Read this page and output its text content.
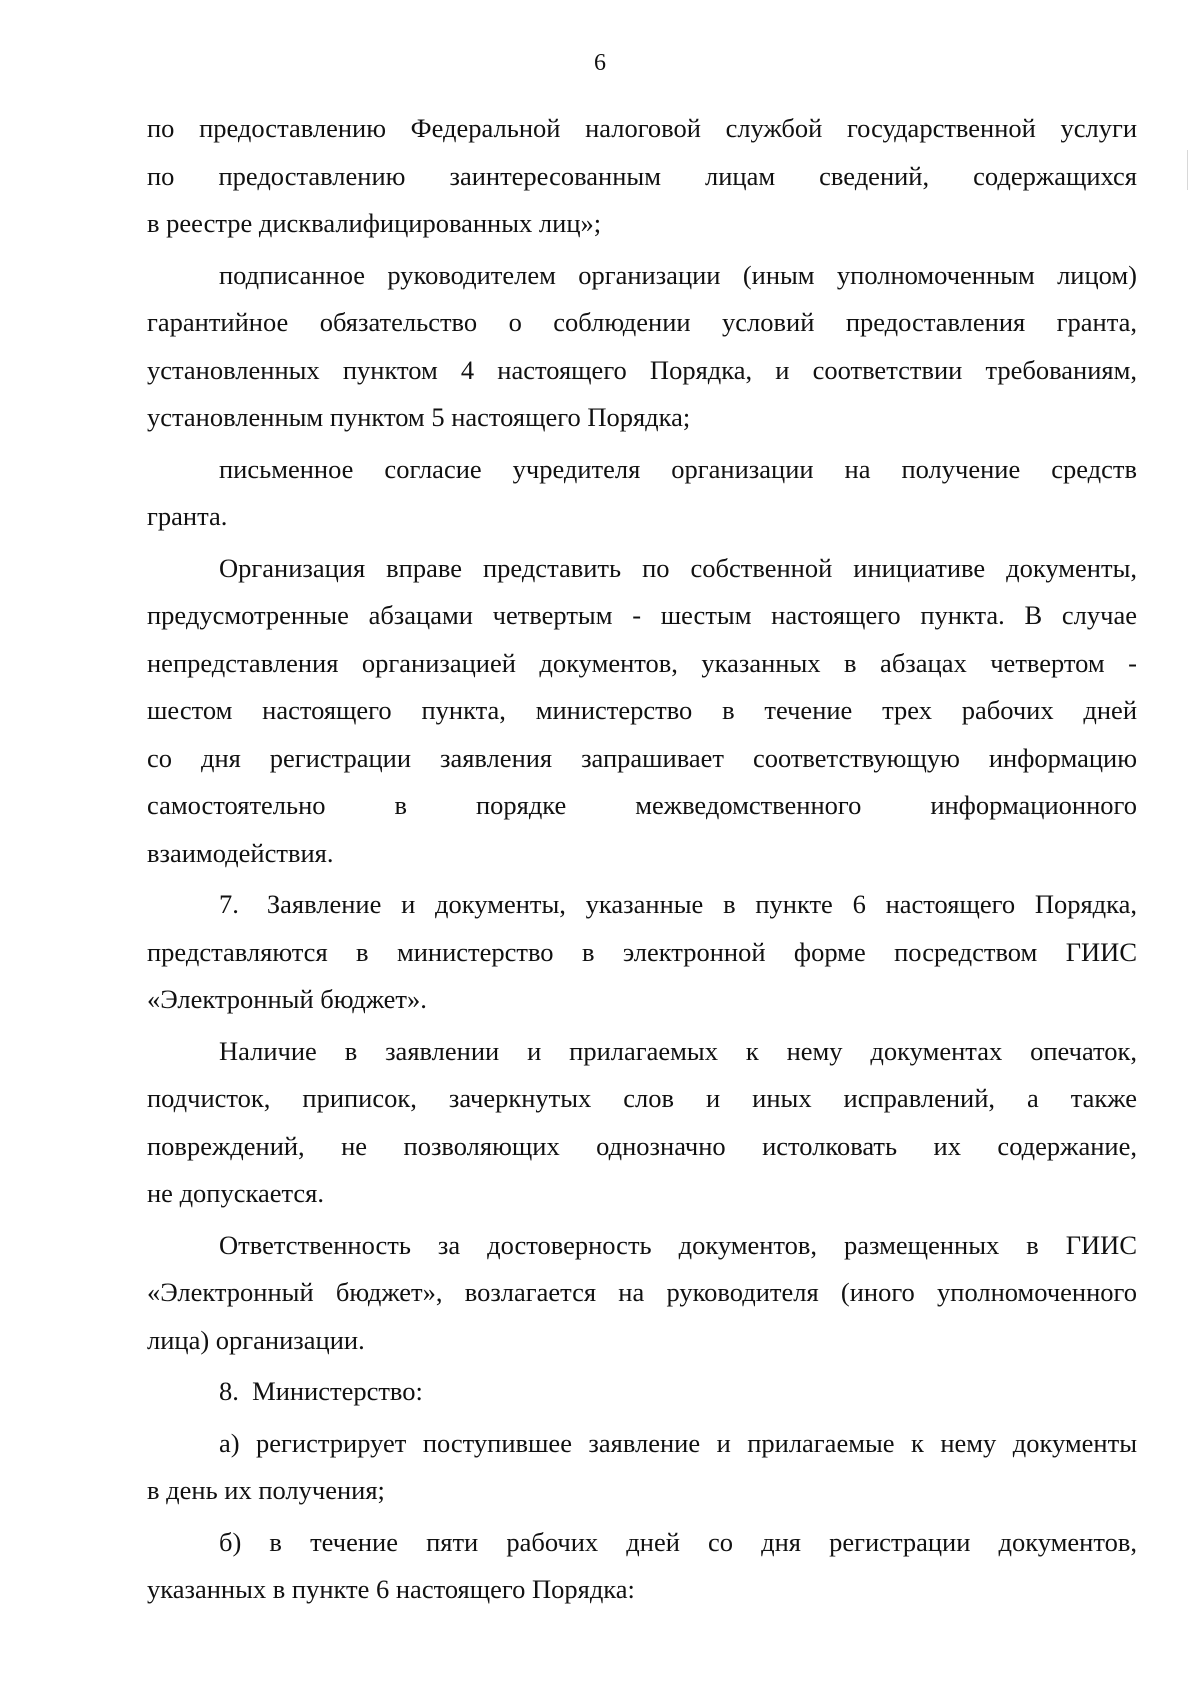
6

по предоставлению Федеральной налоговой службой государственной услуги
по предоставлению заинтересованным лицам сведений, содержащихся
в реестре дисквалифицированных лиц»;

подписанное руководителем организации (иным уполномоченным лицом)
гарантийное обязательство о соблюдении условий предоставления гранта,
установленных пунктом 4 настоящего Порядка, и соответствии требованиям,
установленным пунктом 5 настоящего Порядка;

письменное согласие учредителя организации на получение средств
гранта.

Организация вправе представить по собственной инициативе документы,
предусмотренные абзацами четвертым - шестым настоящего пункта. В случае
непредставления организацией документов, указанных в абзацах четвертом -
шестом настоящего пункта, министерство в течение трех рабочих дней
со дня регистрации заявления запрашивает соответствующую информацию
самостоятельно в порядке межведомственного информационного
взаимодействия.

7. Заявление и документы, указанные в пункте 6 настоящего Порядка,
представляются в министерство в электронной форме посредством ГИИС
«Электронный бюджет».

Наличие в заявлении и прилагаемых к нему документах опечаток,
подчисток, приписок, зачеркнутых слов и иных исправлений, а также
повреждений, не позволяющих однозначно истолковать их содержание,
не допускается.

Ответственность за достоверность документов, размещенных в ГИИС
«Электронный бюджет», возлагается на руководителя (иного уполномоченного
лица) организации.

8. Министерство:

а) регистрирует поступившее заявление и прилагаемые к нему документы
в день их получения;

б) в течение пяти рабочих дней со дня регистрации документов,
указанных в пункте 6 настоящего Порядка:
